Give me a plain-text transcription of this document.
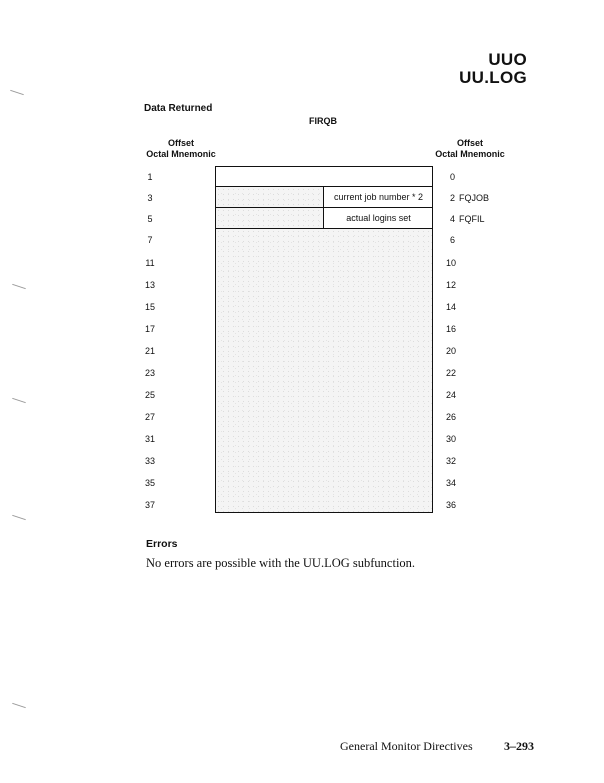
UUO
UU.LOG
Data Returned
FIRQB
Offset
Octal Mnemonic
Offset
Octal Mnemonic
current job number * 2
actual logins set
1
3
5
7
11
13
15
17
21
23
25
27
31
33
35
37
0
2 FQJOB
4 FQFIL
6
10
12
14
16
20
22
24
26
30
32
34
36
Errors
No errors are possible with the UU.LOG subfunction.
General Monitor Directives	3–293
